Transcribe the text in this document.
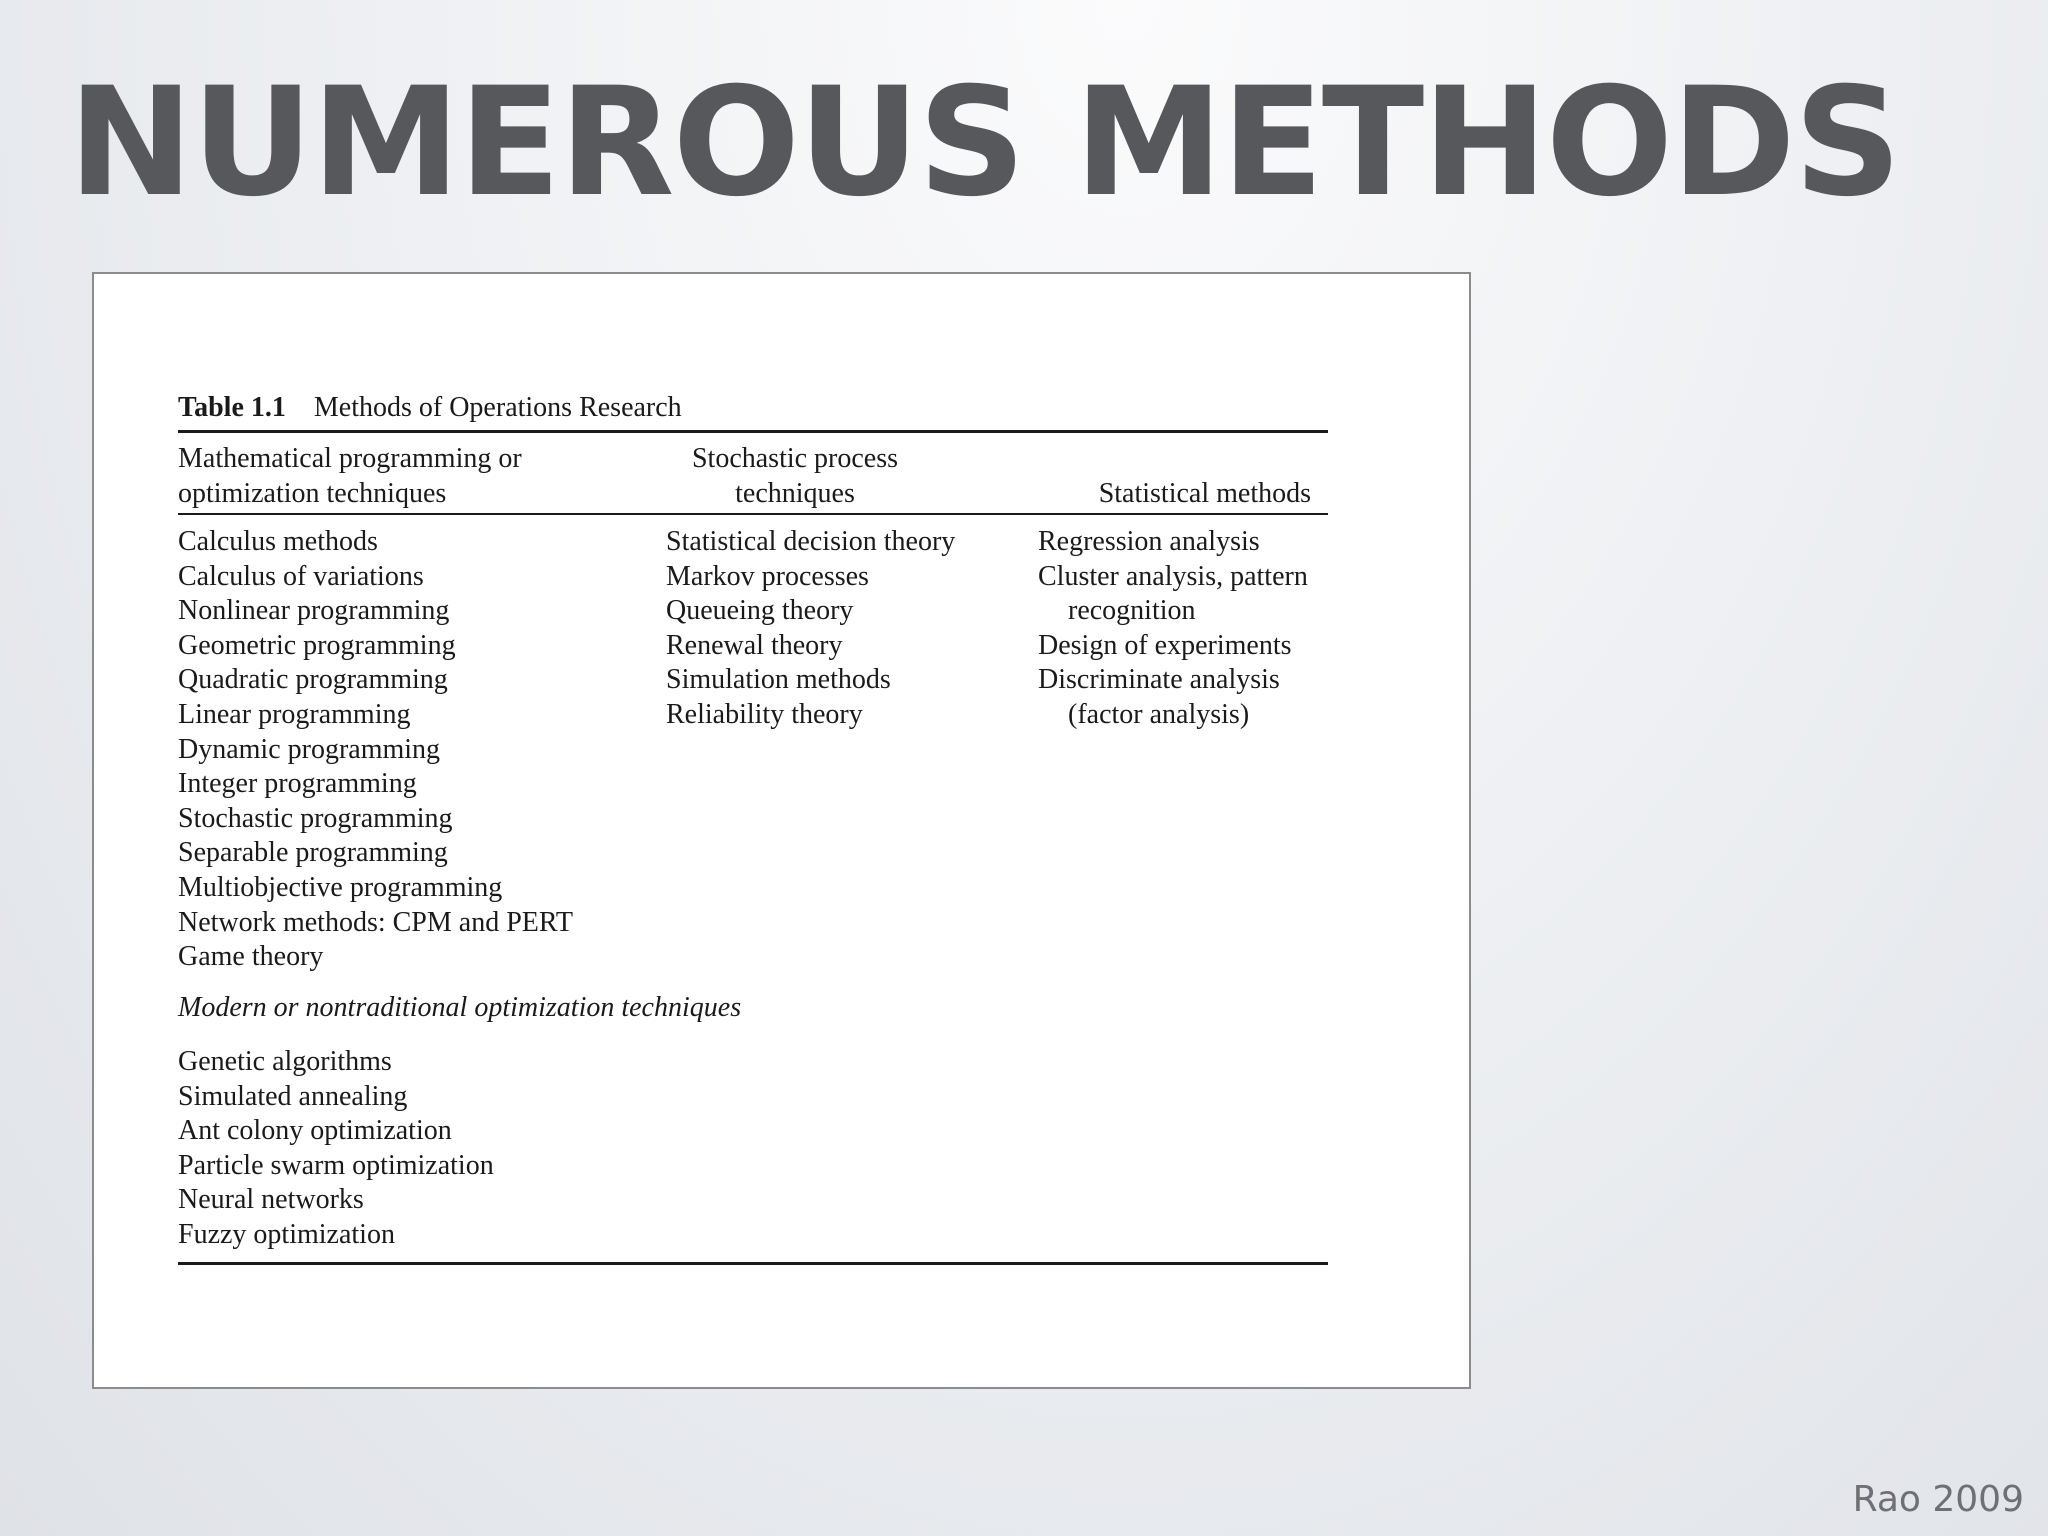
NUMEROUS METHODS
Table 1.1 Methods of Operations Research
Mathematical programming or
optimization techniques
Stochastic process
techniques	Statistical methods
Calculus methods
Calculus of variations
Nonlinear programming
Geometric programming
Quadratic programming
Linear programming
Dynamic programming
Integer programming
Stochastic programming
Separable programming
Multiobjective programming
Network methods: CPM and PERT
Game theory
Statistical decision theory
Markov processes
Queueing theory
Renewal theory
Simulation methods
Reliability theory
Regression analysis
Cluster analysis, pattern
recognition
Design of experiments
Discriminate analysis
(factor analysis)
Modern or nontraditional optimization techniques
Genetic algorithms
Simulated annealing
Ant colony optimization
Particle swarm optimization
Neural networks
Fuzzy optimization
Rao 2009
